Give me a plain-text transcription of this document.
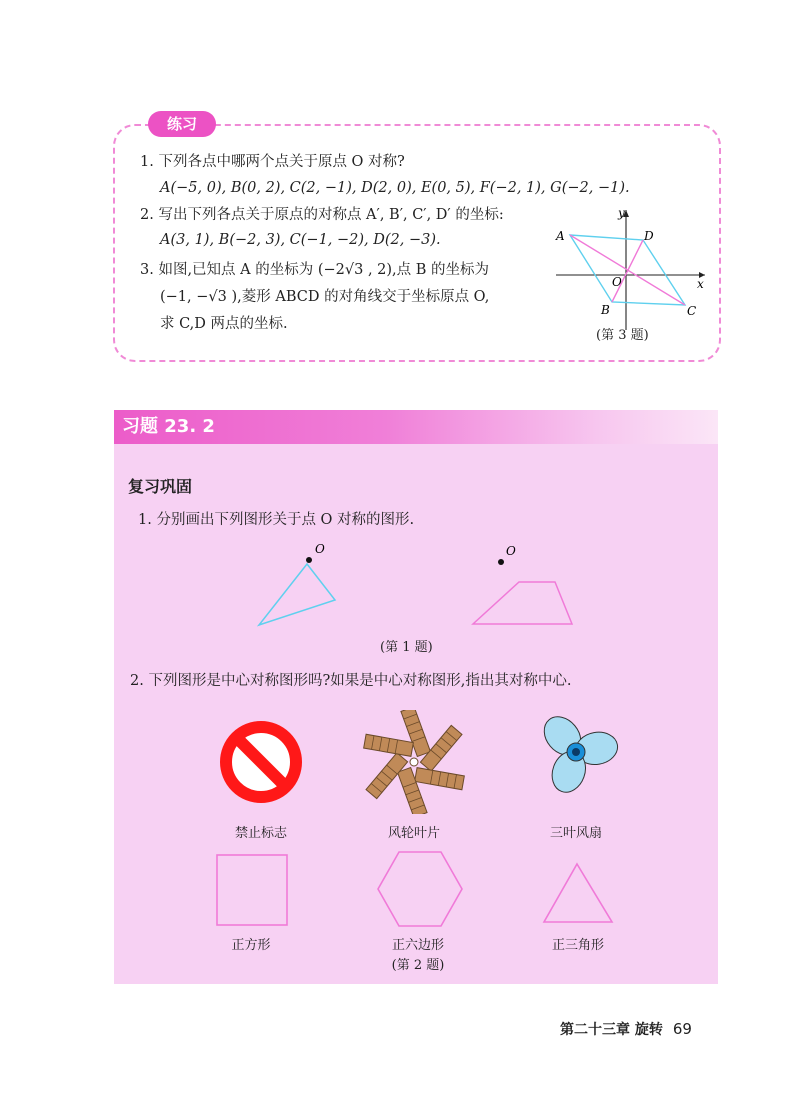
练习
1. 下列各点中哪两个点关于原点 O 对称?
A(−5, 0), B(0, 2), C(2, −1), D(2, 0), E(0, 5), F(−2, 1), G(−2, −1).
2. 写出下列各点关于原点的对称点 A′, B′, C′, D′ 的坐标:
A(3, 1), B(−2, 3), C(−1, −2), D(2, −3).
3. 如图,已知点 A 的坐标为 (−2√3 , 2),点 B 的坐标为
(−1, −√3 ),菱形 ABCD 的对角线交于坐标原点 O,
求 C,D 两点的坐标.
A	D
O
B	C
x
y
(第 3 题)
习题 23. 2
复习巩固
1. 分别画出下列图形关于点 O 对称的图形.
O	O
(第 1 题)
2. 下列图形是中心对称图形吗?如果是中心对称图形,指出其对称中心.
禁止标志	风轮叶片	三叶风扇
正方形	正六边形
(第 2 题)
正三角形
第二十三章 旋转 69
